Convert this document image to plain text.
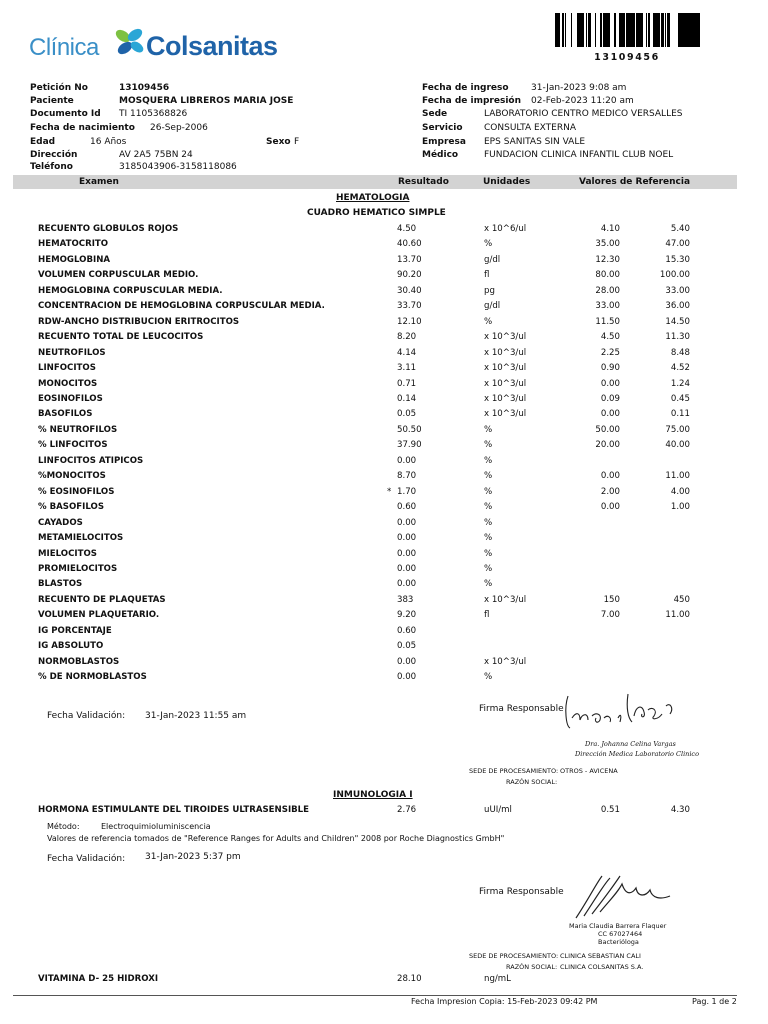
Clínica Colsanitas	13109456
Petición No	13109456
Paciente	MOSQUERA LIBREROS MARIA JOSE
Documento Id TI 1105368826
Fecha de nacimiento 26-Sep-2006
Edad	16 Años
Dirección	AV 2A5 75BN 24
Teléfono	3185043906-3158118086
Fecha de ingreso 31-Jan-2023 9:08 am
Fecha de impresión 02-Feb-2023 11:20 am
Sede	LABORATORIO CENTRO MEDICO VERSALLES
Servicio CONSULTA EXTERNA
Empresa EPS SANITAS SIN VALE
Médico	FUNDACION CLINICA INFANTIL CLUB NOEL
Sexo F
Examen	Resultado	Unidades	Valores de Referencia
HEMATOLOGIA
CUADRO HEMATICO SIMPLE
RECUENTO GLOBULOS ROJOS	4.50	x 10^6/ul	4.10	5.40
HEMATOCRITO	40.60	%	35.00	47.00
HEMOGLOBINA	13.70	g/dl	12.30	15.30
VOLUMEN CORPUSCULAR MEDIO.	90.20	fl	80.00	100.00
HEMOGLOBINA CORPUSCULAR MEDIA.	30.40	pg	28.00	33.00
CONCENTRACION DE HEMOGLOBINA CORPUSCULAR MEDIA.	33.70	g/dl	33.00	36.00
RDW-ANCHO DISTRIBUCION ERITROCITOS	12.10	%	11.50	14.50
RECUENTO TOTAL DE LEUCOCITOS	8.20	x 10^3/ul	4.50	11.30
NEUTROFILOS	4.14	x 10^3/ul	2.25	8.48
LINFOCITOS	3.11	x 10^3/ul	0.90	4.52
MONOCITOS	0.71	x 10^3/ul	0.00	1.24
EOSINOFILOS	0.14	x 10^3/ul	0.09	0.45
BASOFILOS	0.05	x 10^3/ul	0.00	0.11
% NEUTROFILOS	50.50	%	50.00	75.00
% LINFOCITOS	37.90	%	20.00	40.00
LINFOCITOS ATIPICOS	0.00	%
%MONOCITOS	8.70	%	0.00	11.00
% EOSINOFILOS	1.70	%	2.00	4.00
*
% BASOFILOS	0.60	%	0.00	1.00
CAYADOS	0.00	%
METAMIELOCITOS	0.00	%
MIELOCITOS	0.00	%
PROMIELOCITOS	0.00	%
BLASTOS	0.00	%
RECUENTO DE PLAQUETAS	383	x 10^3/ul	150	450
VOLUMEN PLAQUETARIO.	9.20	fl	7.00	11.00
IG PORCENTAJE	0.60
IG ABSOLUTO	0.05
NORMOBLASTOS	0.00	x 10^3/ul
% DE NORMOBLASTOS	0.00	%
Fecha Validación: 31-Jan-2023 11:55 am
Firma Responsable
Dra. Johanna Celina Vargas
Dirección Medica Laboratorio Clinico
SEDE DE PROCESAMIENTO: OTROS - AVICENA
RAZÓN SOCIAL:
INMUNOLOGIA I
HORMONA ESTIMULANTE DEL TIROIDES ULTRASENSIBLE	2.76	uUI/ml	0.51	4.30
Método:	Electroquimioluminiscencia
Valores de referencia tomados de "Reference Ranges for Adults and Children" 2008 por Roche Diagnostics GmbH"
Fecha Validación: 31-Jan-2023 5:37 pm
Firma Responsable
Maria Claudia Barrera Flaquer
CC 67027464
Bacterióloga
SEDE DE PROCESAMIENTO: CLINICA SEBASTIAN CALI
RAZÓN SOCIAL: CLINICA COLSANITAS S.A.
VITAMINA D- 25 HIDROXI	28.10	ng/mL
Fecha Impresion Copia: 15-Feb-2023 09:42 PM	Pag. 1 de 2
